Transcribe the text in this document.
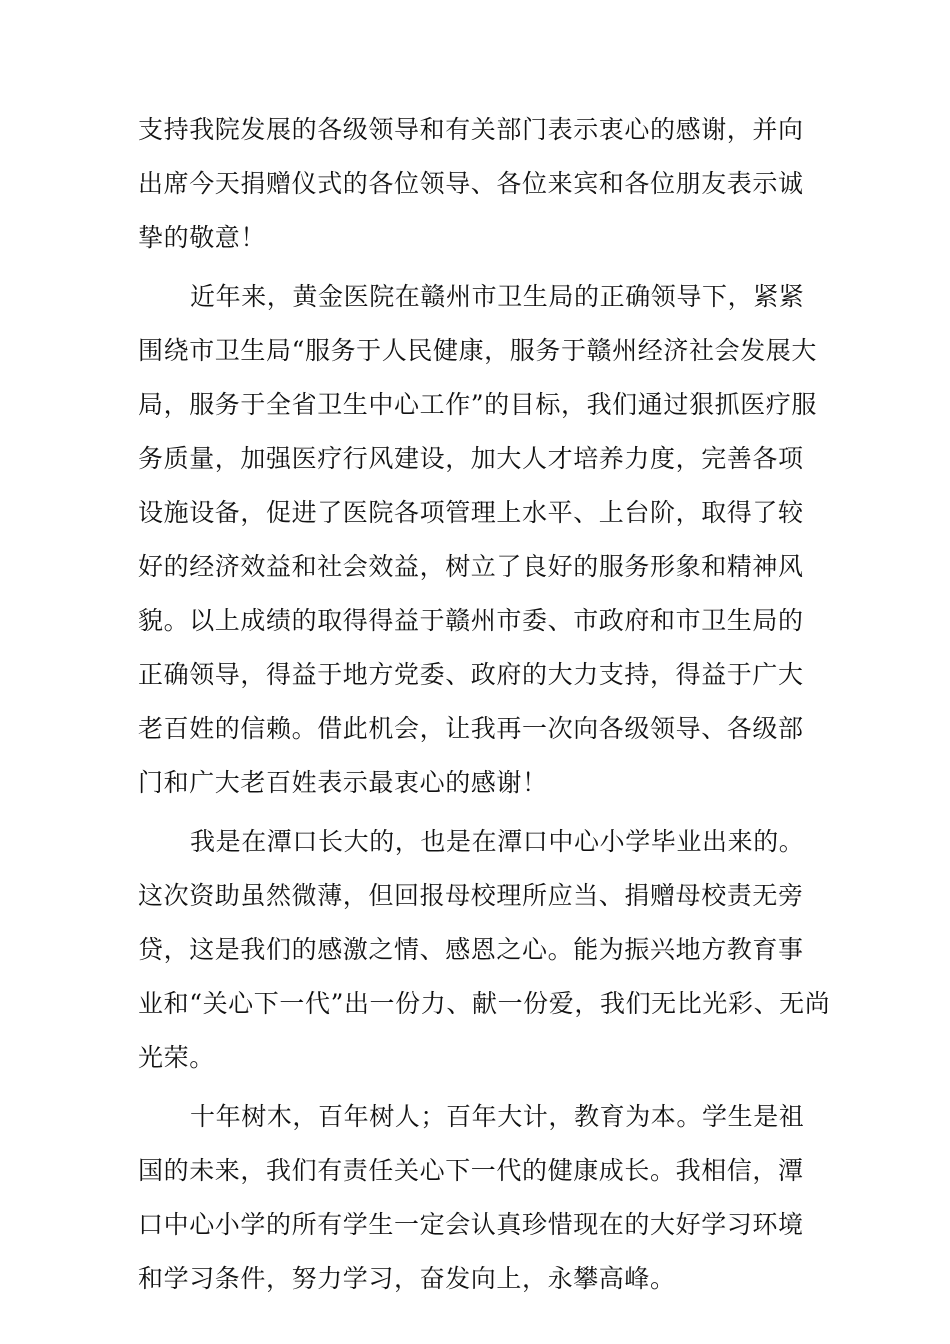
支持我院发展的各级领导和有关部门表示衷心的感谢，并向
出席今天捐赠仪式的各位领导、各位来宾和各位朋友表示诚
挚的敬意！
近年来，黄金医院在赣州市卫生局的正确领导下，紧紧
围绕市卫生局“服务于人民健康，服务于赣州经济社会发展大
局，服务于全省卫生中心工作”的目标，我们通过狠抓医疗服
务质量，加强医疗行风建设，加大人才培养力度，完善各项
设施设备，促进了医院各项管理上水平、上台阶，取得了较
好的经济效益和社会效益，树立了良好的服务形象和精神风
貌。以上成绩的取得得益于赣州市委、市政府和市卫生局的
正确领导，得益于地方党委、政府的大力支持，得益于广大
老百姓的信赖。借此机会，让我再一次向各级领导、各级部
门和广大老百姓表示最衷心的感谢！
我是在潭口长大的，也是在潭口中心小学毕业出来的。
这次资助虽然微薄，但回报母校理所应当、捐赠母校责无旁
贷，这是我们的感激之情、感恩之心。能为振兴地方教育事
业和“关心下一代”出一份力、献一份爱，我们无比光彩、无尚
光荣。
十年树木，百年树人；百年大计，教育为本。学生是祖
国的未来，我们有责任关心下一代的健康成长。我相信，潭
口中心小学的所有学生一定会认真珍惜现在的大好学习环境
和学习条件，努力学习，奋发向上，永攀高峰。
